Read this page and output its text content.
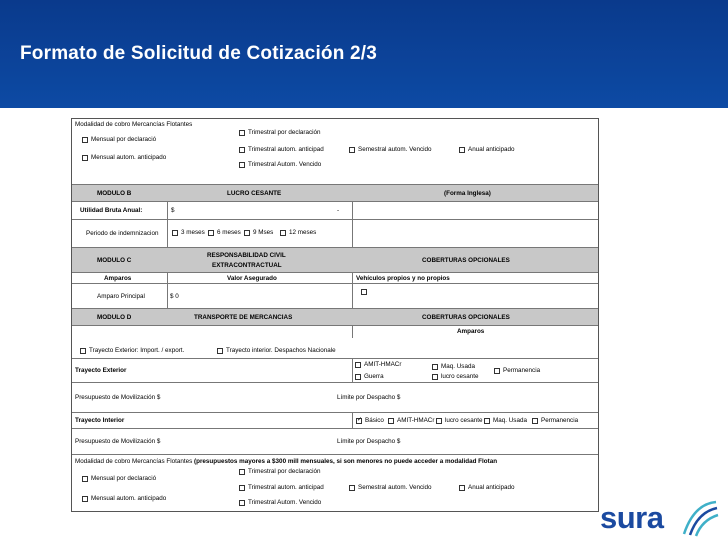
Formato de Solicitud de Cotización 2/3
Modalidad de cobro Mercancías Flotantes
Mensual por declaració
Mensual autom. anticipado
Trimestral por declaración
Trimestral autom. anticipad
Trimestral Autom. Vencido
Semestral autom. Vencido	Anual anticipado
MODULO B	LUCRO CESANTE	(Forma Inglesa)
Utilidad Bruta Anual:	$	-
Periodo de indemnizacion	3 meses 6 meses 9 Mses 12 meses
MODULO C
RESPONSABILIDAD CIVIL
EXTRACONTRACTUAL
COBERTURAS OPCIONALES
Amparos	Valor Asegurado	Vehículos propios y no propios
Amparo Principal	$ 0
MODULO D	TRANSPORTE DE MERCANCIAS	COBERTURAS OPCIONALES
Amparos
Trayecto Exterior: Import. / export.	Trayecto interior. Despachos Nacionale
Trayecto Exterior
AMIT-HMACr
Guerra
Maq. Usada
lucro cesante
Permanencia
Presupuesto de Movilización $	Límite por Despacho $
Trayecto Interior
✓	Básico AMIT-HMACr lucro cesante Maq. Usada Permanencia
Presupuesto de Movilización $	Límite por Despacho $
Modalidad de cobro Mercancías Flotantes (presupuestos mayores a $300 mill mensuales, si son menores no puede acceder a modalidad Flotan
Mensual por declaració
Mensual autom. anticipado
Trimestral por declaración
Trimestral autom. anticipad
Trimestral Autom. Vencido
Semestral autom. Vencido	Anual anticipado
sura
